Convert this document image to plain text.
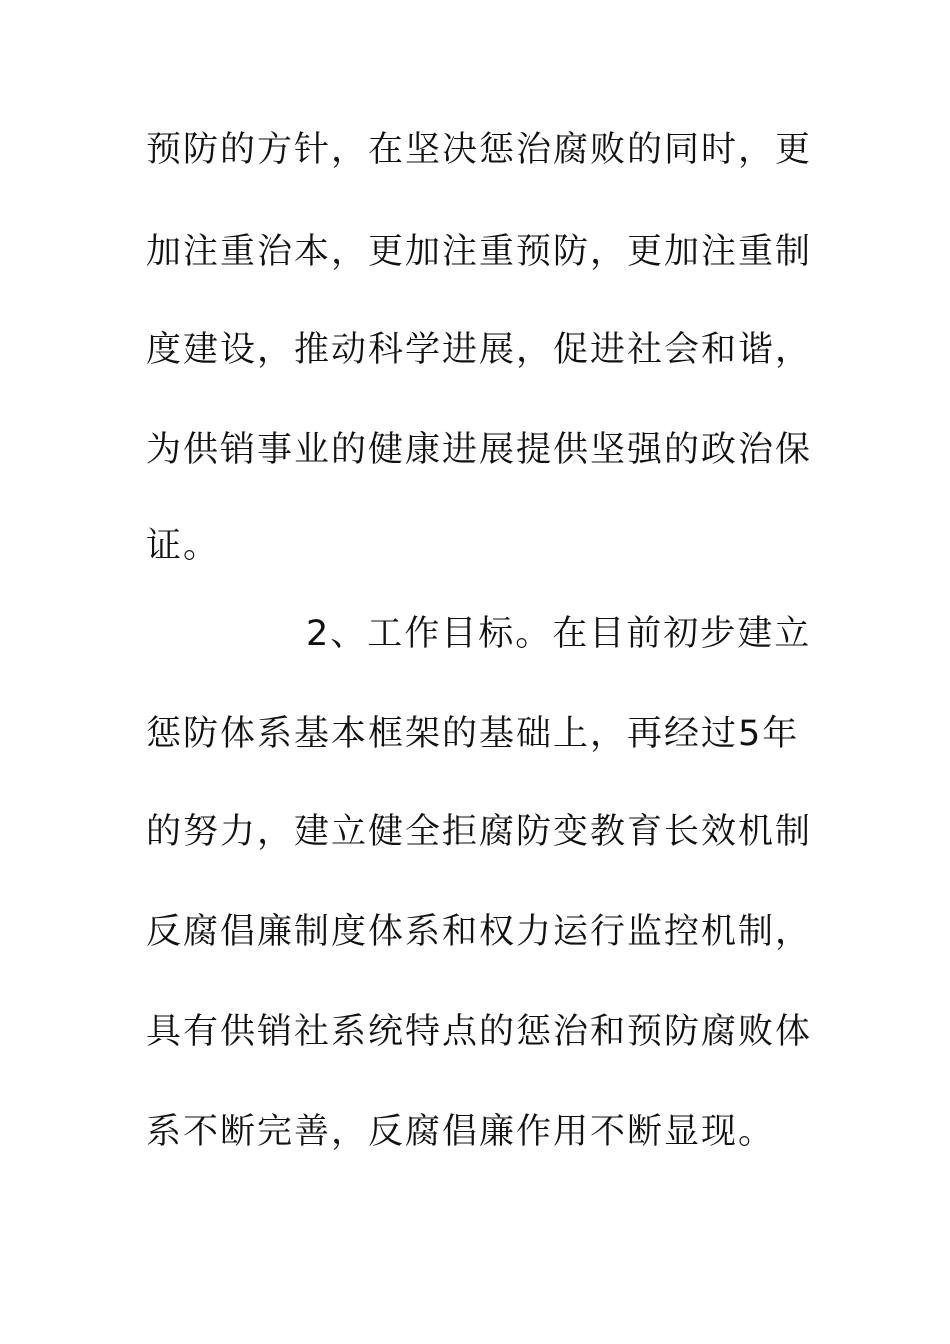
预防的方针，在坚决惩治腐败的同时，更
加注重治本，更加注重预防，更加注重制
度建设，推动科学进展，促进社会和谐，
为供销事业的健康进展提供坚强的政治保
证。
2、工作目标。在目前初步建立
惩防体系基本框架的基础上，再经过5年
的努力，建立健全拒腐防变教育长效机制
反腐倡廉制度体系和权力运行监控机制，
具有供销社系统特点的惩治和预防腐败体
系不断完善，反腐倡廉作用不断显现。
